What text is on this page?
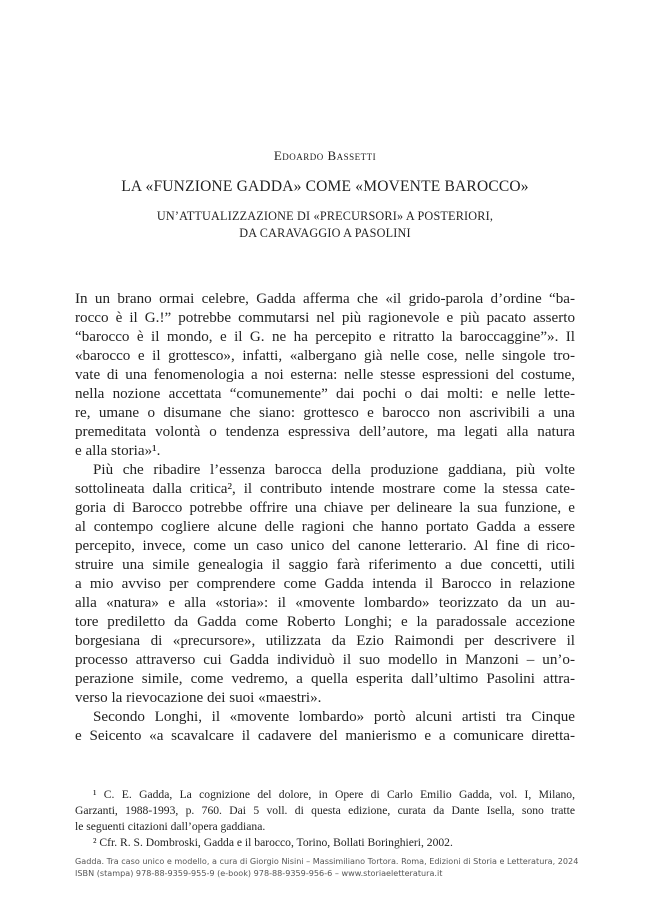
Edoardo Bassetti
LA «FUNZIONE GADDA» COME «MOVENTE BAROCCO»
UN’ATTUALIZZAZIONE DI «PRECURSORI» A POSTERIORI,
DA CARAVAGGIO A PASOLINI
In un brano ormai celebre, Gadda afferma che «il grido-parola d’ordine “ba-
rocco è il G.!” potrebbe commutarsi nel più ragionevole e più pacato asserto
“barocco è il mondo, e il G. ne ha percepito e ritratto la baroccaggine”». Il
«barocco e il grottesco», infatti, «albergano già nelle cose, nelle singole tro-
vate di una fenomenologia a noi esterna: nelle stesse espressioni del costume,
nella nozione accettata “comunemente” dai pochi o dai molti: e nelle lette-
re, umane o disumane che siano: grottesco e barocco non ascrivibili a una
premeditata volontà o tendenza espressiva dell’autore, ma legati alla natura
e alla storia»¹.
Più che ribadire l’essenza barocca della produzione gaddiana, più volte
sottolineata dalla critica², il contributo intende mostrare come la stessa cate-
goria di Barocco potrebbe offrire una chiave per delineare la sua funzione, e
al contempo cogliere alcune delle ragioni che hanno portato Gadda a essere
percepito, invece, come un caso unico del canone letterario. Al fine di rico-
struire una simile genealogia il saggio farà riferimento a due concetti, utili
a mio avviso per comprendere come Gadda intenda il Barocco in relazione
alla «natura» e alla «storia»: il «movente lombardo» teorizzato da un au-
tore prediletto da Gadda come Roberto Longhi; e la paradossale accezione
borgesiana di «precursore», utilizzata da Ezio Raimondi per descrivere il
processo attraverso cui Gadda individuò il suo modello in Manzoni – un’o-
perazione simile, come vedremo, a quella esperita dall’ultimo Pasolini attra-
verso la rievocazione dei suoi «maestri».
Secondo Longhi, il «movente lombardo» portò alcuni artisti tra Cinque
e Seicento «a scavalcare il cadavere del manierismo e a comunicare diretta-
¹ C. E. Gadda, La cognizione del dolore, in Opere di Carlo Emilio Gadda, vol. I, Milano,
Garzanti, 1988-1993, p. 760. Dai 5 voll. di questa edizione, curata da Dante Isella, sono tratte
le seguenti citazioni dall’opera gaddiana.
² Cfr. R. S. Dombroski, Gadda e il barocco, Torino, Bollati Boringhieri, 2002.
Gadda. Tra caso unico e modello, a cura di Giorgio Nisini – Massimiliano Tortora. Roma, Edizioni di Storia e Letteratura, 2024
ISBN (stampa) 978-88-9359-955-9 (e-book) 978-88-9359-956-6 – www.storiaeletteratura.it
